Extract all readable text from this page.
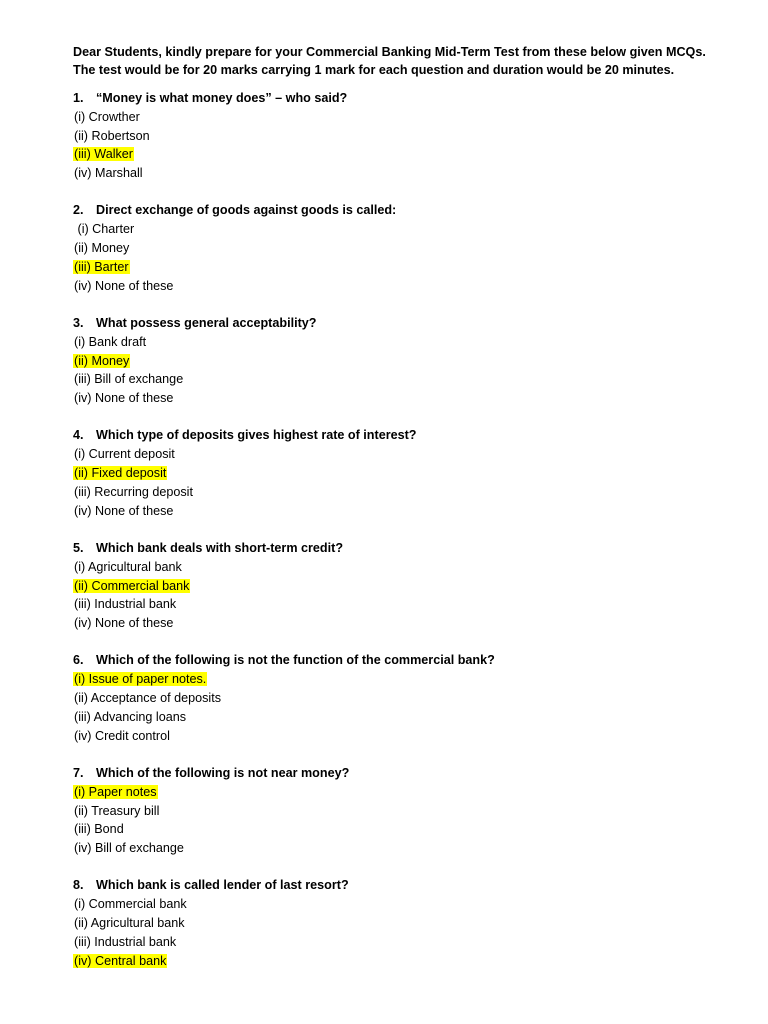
Dear Students, kindly prepare for your Commercial Banking Mid-Term Test from these below given MCQs.
The test would be for 20 marks carrying 1 mark for each question and duration would be 20 minutes.
1. “Money is what money does” – who said?
(i) Crowther
(ii) Robertson
(iii) Walker
(iv) Marshall
2. Direct exchange of goods against goods is called:
(i) Charter
(ii) Money
(iii) Barter
(iv) None of these
3. What possess general acceptability?
(i) Bank draft
(ii) Money
(iii) Bill of exchange
(iv) None of these
4. Which type of deposits gives highest rate of interest?
(i) Current deposit
(ii) Fixed deposit
(iii) Recurring deposit
(iv) None of these
5. Which bank deals with short-term credit?
(i) Agricultural bank
(ii) Commercial bank
(iii) Industrial bank
(iv) None of these
6. Which of the following is not the function of the commercial bank?
(i) Issue of paper notes.
(ii) Acceptance of deposits
(iii) Advancing loans
(iv) Credit control
7. Which of the following is not near money?
(i) Paper notes
(ii) Treasury bill
(iii) Bond
(iv) Bill of exchange
8. Which bank is called lender of last resort?
(i) Commercial bank
(ii) Agricultural bank
(iii) Industrial bank
(iv) Central bank
